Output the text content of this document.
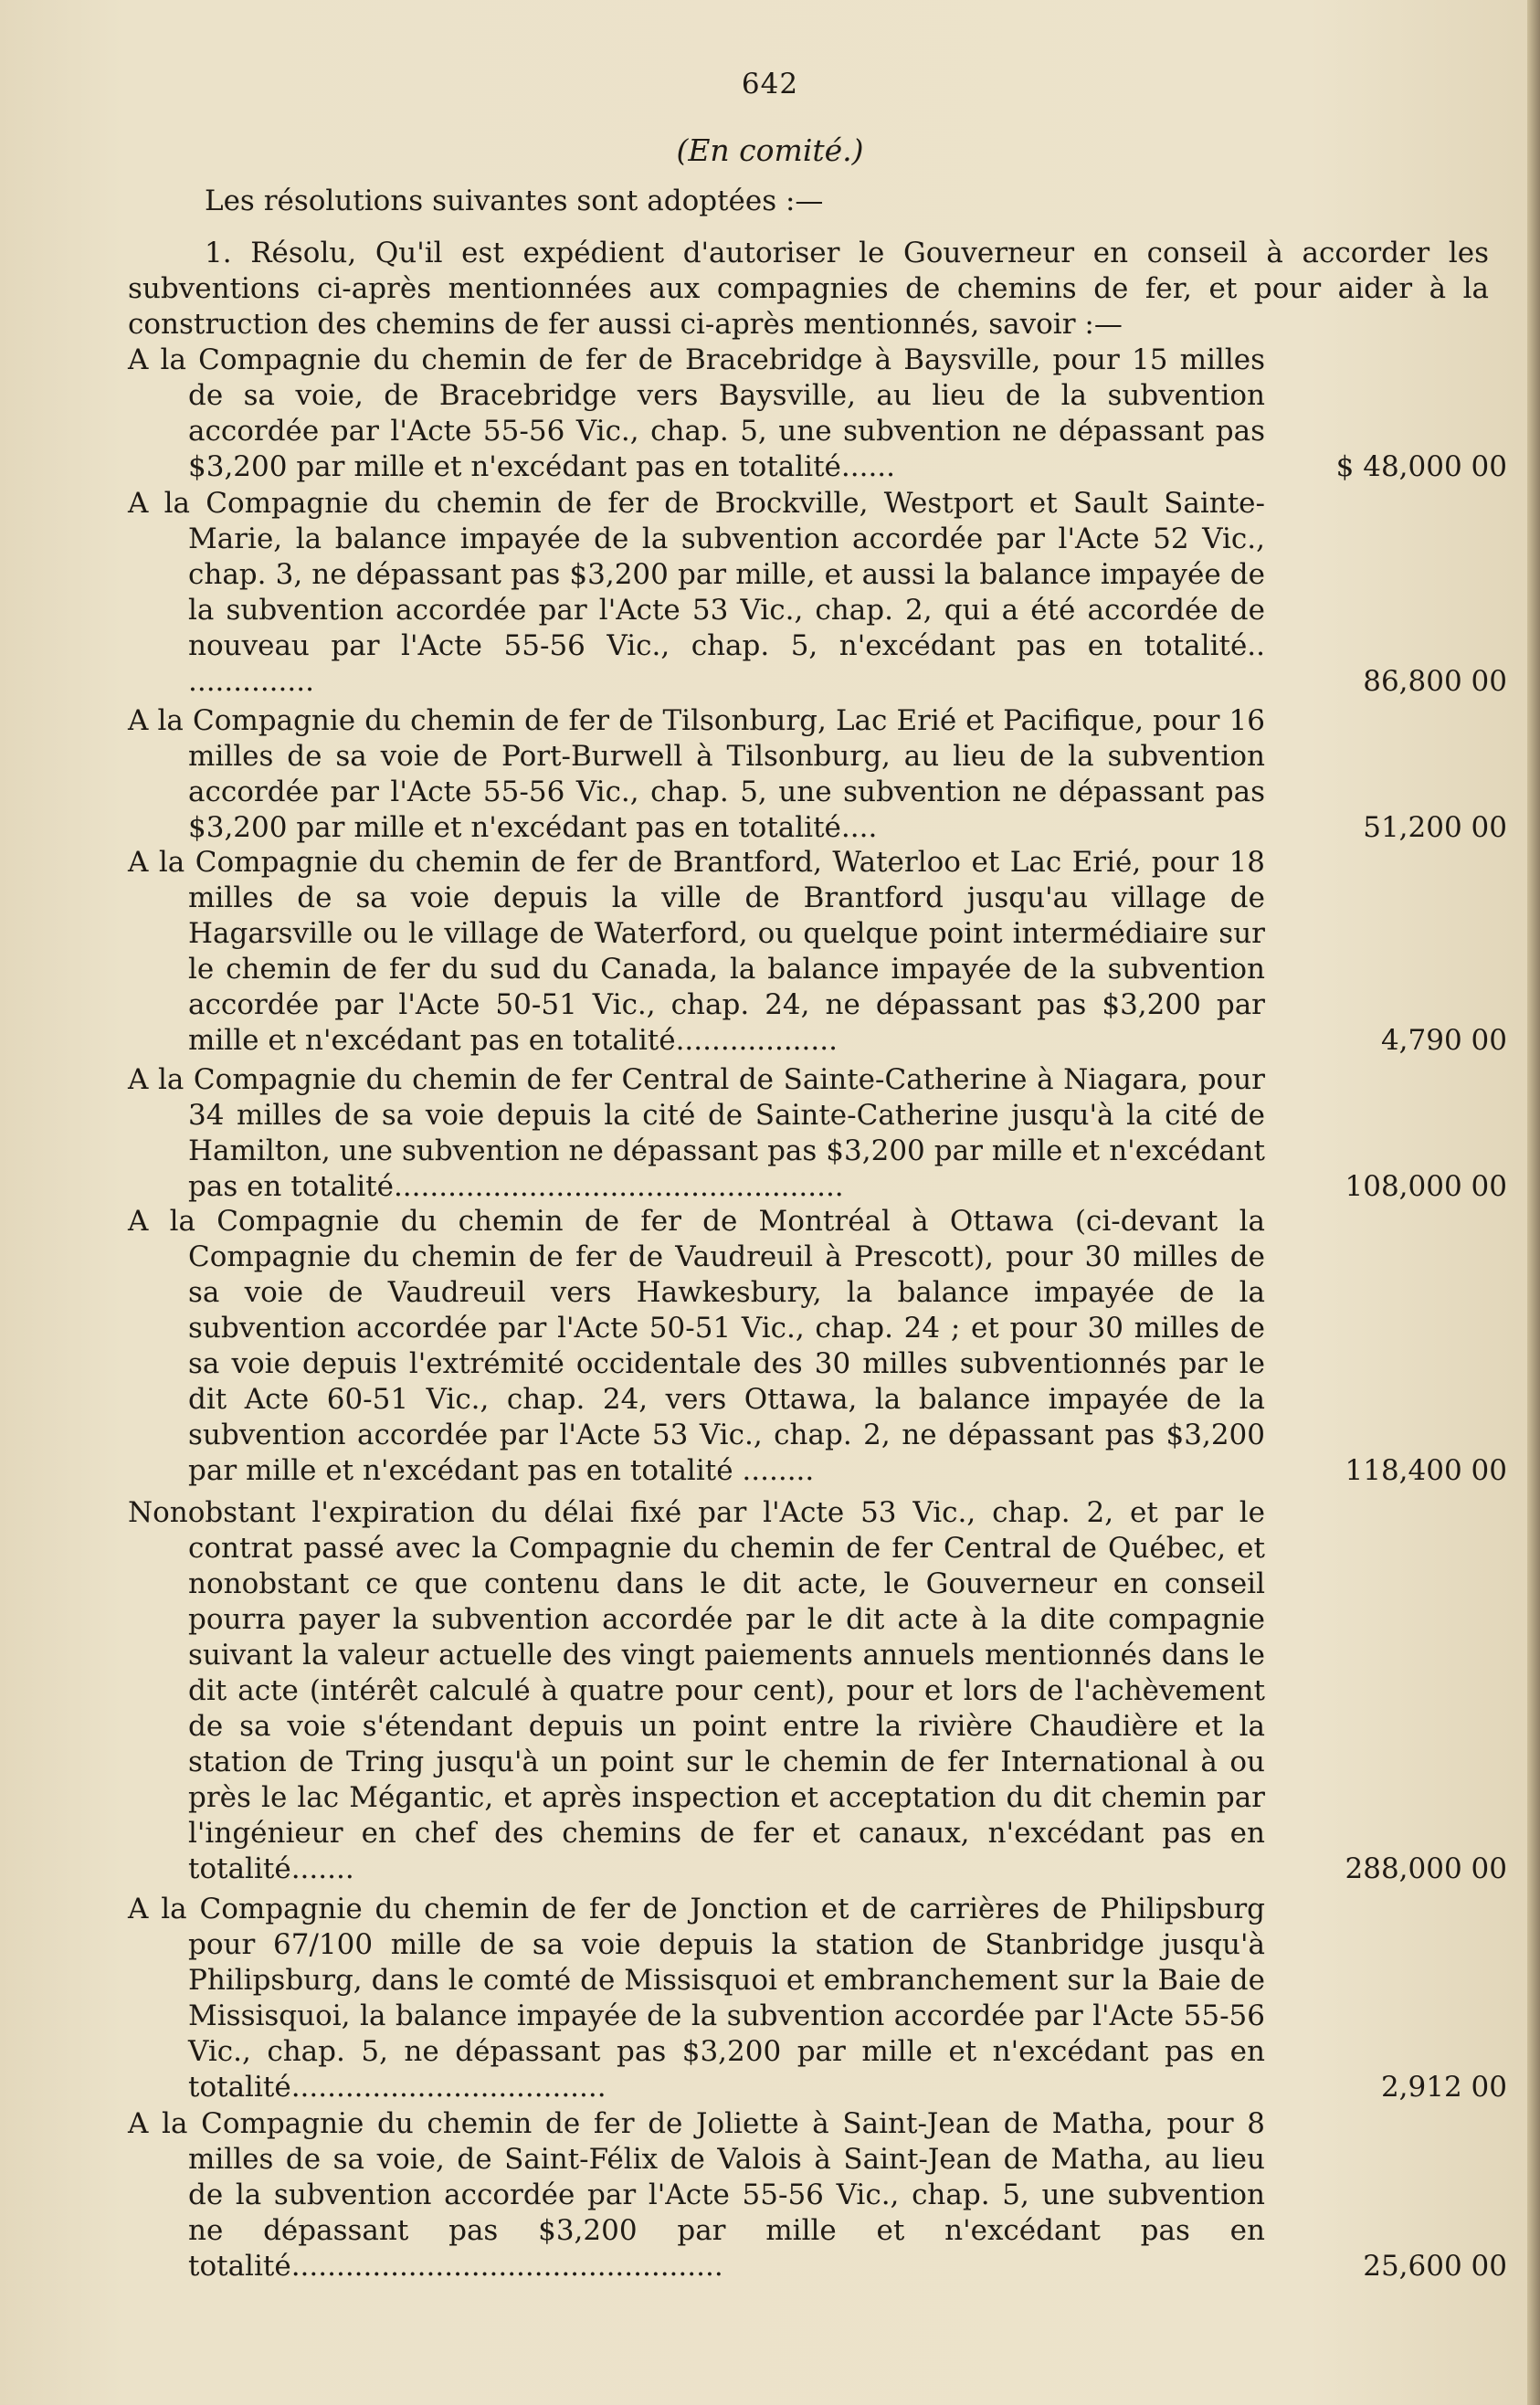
642
(En comité.)
Les résolutions suivantes sont adoptées :—
1. Résolu, Qu'il est expédient d'autoriser le Gouverneur en conseil à accorder les subventions ci-après mentionnées aux compagnies de chemins de fer, et pour aider à la construction des chemins de fer aussi ci-après mentionnés, savoir :—

A la Compagnie du chemin de fer de Bracebridge à Baysville, pour 15 milles de sa voie, de Bracebridge vers Baysville, au lieu de la subvention accordée par l'Acte 55-56 Vic., chap. 5, une subvention ne dépassant pas $3,200 par mille et n'excédant pas en totalité......	$ 48,000 00

A la Compagnie du chemin de fer de Brockville, Westport et Sault Sainte-Marie, la balance impayée de la subvention accordée par l'Acte 52 Vic., chap. 3, ne dépassant pas $3,200 par mille, et aussi la balance impayée de la subvention accordée par l'Acte 53 Vic., chap. 2, qui a été accordée de nouveau par l'Acte 55-56 Vic., chap. 5, n'excédant pas en totalité.. ..............	86,800 00

A la Compagnie du chemin de fer de Tilsonburg, Lac Erié et Pacifique, pour 16 milles de sa voie de Port-Burwell à Tilsonburg, au lieu de la subvention accordée par l'Acte 55-56 Vic., chap. 5, une subvention ne dépassant pas $3,200 par mille et n'excédant pas en totalité....	51,200 00

A la Compagnie du chemin de fer de Brantford, Waterloo et Lac Erié, pour 18 milles de sa voie depuis la ville de Brantford jusqu'au village de Hagarsville ou le village de Waterford, ou quelque point intermédiaire sur le chemin de fer du sud du Canada, la balance impayée de la subvention accordée par l'Acte 50-51 Vic., chap. 24, ne dépassant pas $3,200 par mille et n'excédant pas en totalité..................	4,790 00

A la Compagnie du chemin de fer Central de Sainte-Catherine à Niagara, pour 34 milles de sa voie depuis la cité de Sainte-Catherine jusqu'à la cité de Hamilton, une subvention ne dépassant pas $3,200 par mille et n'excédant pas en totalité..................................................	108,000 00

A la Compagnie du chemin de fer de Montréal à Ottawa (ci-devant la Compagnie du chemin de fer de Vaudreuil à Prescott), pour 30 milles de sa voie de Vaudreuil vers Hawkesbury, la balance impayée de la subvention accordée par l'Acte 50-51 Vic., chap. 24 ; et pour 30 milles de sa voie depuis l'extrémité occidentale des 30 milles subventionnés par le dit Acte 60-51 Vic., chap. 24, vers Ottawa, la balance impayée de la subvention accordée par l'Acte 53 Vic., chap. 2, ne dépassant pas $3,200 par mille et n'excédant pas en totalité ........	118,400 00

Nonobstant l'expiration du délai fixé par l'Acte 53 Vic., chap. 2, et par le contrat passé avec la Compagnie du chemin de fer Central de Québec, et nonobstant ce que contenu dans le dit acte, le Gouverneur en conseil pourra payer la subvention accordée par le dit acte à la dite compagnie suivant la valeur actuelle des vingt paiements annuels mentionnés dans le dit acte (intérêt calculé à quatre pour cent), pour et lors de l'achèvement de sa voie s'étendant depuis un point entre la rivière Chaudière et la station de Tring jusqu'à un point sur le chemin de fer International à ou près le lac Mégantic, et après inspection et acceptation du dit chemin par l'ingénieur en chef des chemins de fer et canaux, n'excédant pas en totalité.......	288,000 00

A la Compagnie du chemin de fer de Jonction et de carrières de Philipsburg pour 67/100 mille de sa voie depuis la station de Stanbridge jusqu'à Philipsburg, dans le comté de Missisquoi et embranchement sur la Baie de Missisquoi, la balance impayée de la subvention accordée par l'Acte 55-56 Vic., chap. 5, ne dépassant pas $3,200 par mille et n'excédant pas en totalité...................................	2,912 00

A la Compagnie du chemin de fer de Joliette à Saint-Jean de Matha, pour 8 milles de sa voie, de Saint-Félix de Valois à Saint-Jean de Matha, au lieu de la subvention accordée par l'Acte 55-56 Vic., chap. 5, une subvention ne dépassant pas $3,200 par mille et n'excédant pas en totalité................................................	25,600 00
